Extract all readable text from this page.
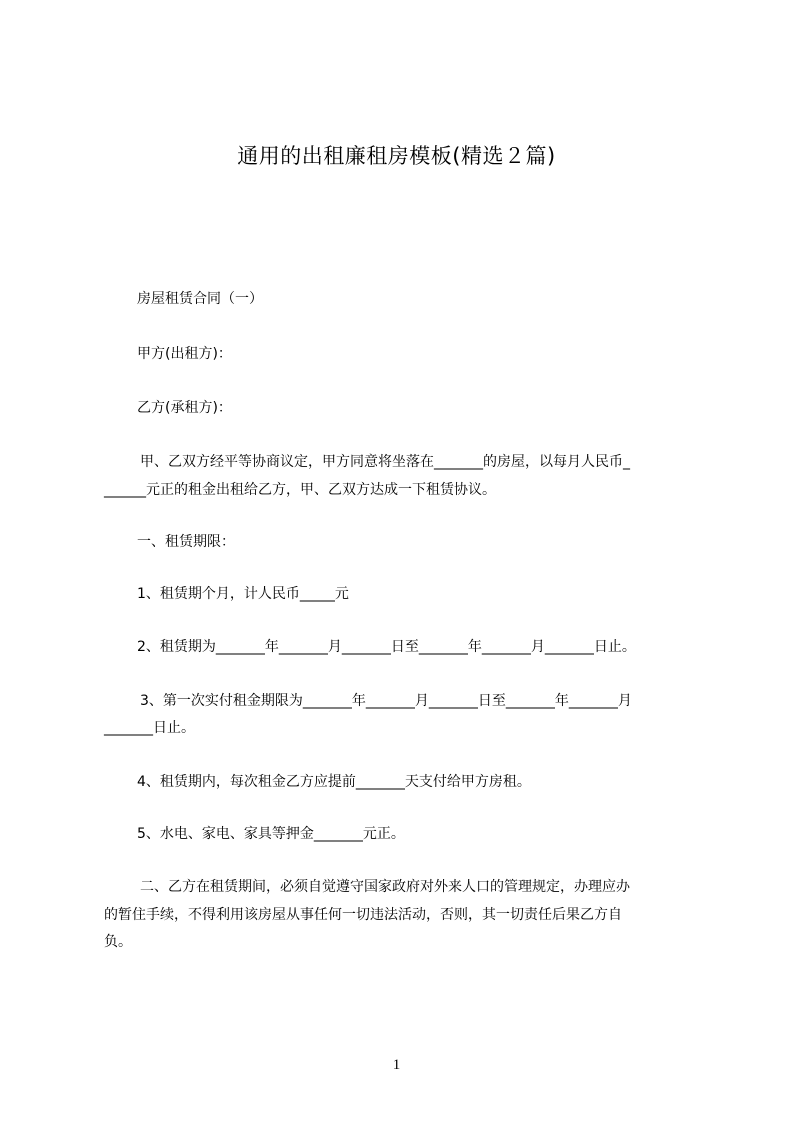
通用的出租廉租房模板(精选２篇)
房屋租赁合同（一）
甲方(出租方)：
乙方(承租方)：
甲、乙双方经平等协商议定，甲方同意将坐落在_______的房屋，以每月人民币_
______元正的租金出租给乙方，甲、乙双方达成一下租赁协议。
一、租赁期限：
1、租赁期个月，计人民币_____元
2、租赁期为_______年_______月_______日至_______年_______月_______日止。
3、第一次实付租金期限为_______年_______月_______日至_______年_______月
_______日止。
4、租赁期内，每次租金乙方应提前_______天支付给甲方房租。
5、水电、家电、家具等押金_______元正。
二、乙方在租赁期间，必须自觉遵守国家政府对外来人口的管理规定，办理应办
的暂住手续，不得利用该房屋从事任何一切违法活动，否则，其一切责任后果乙方自
负。
1
